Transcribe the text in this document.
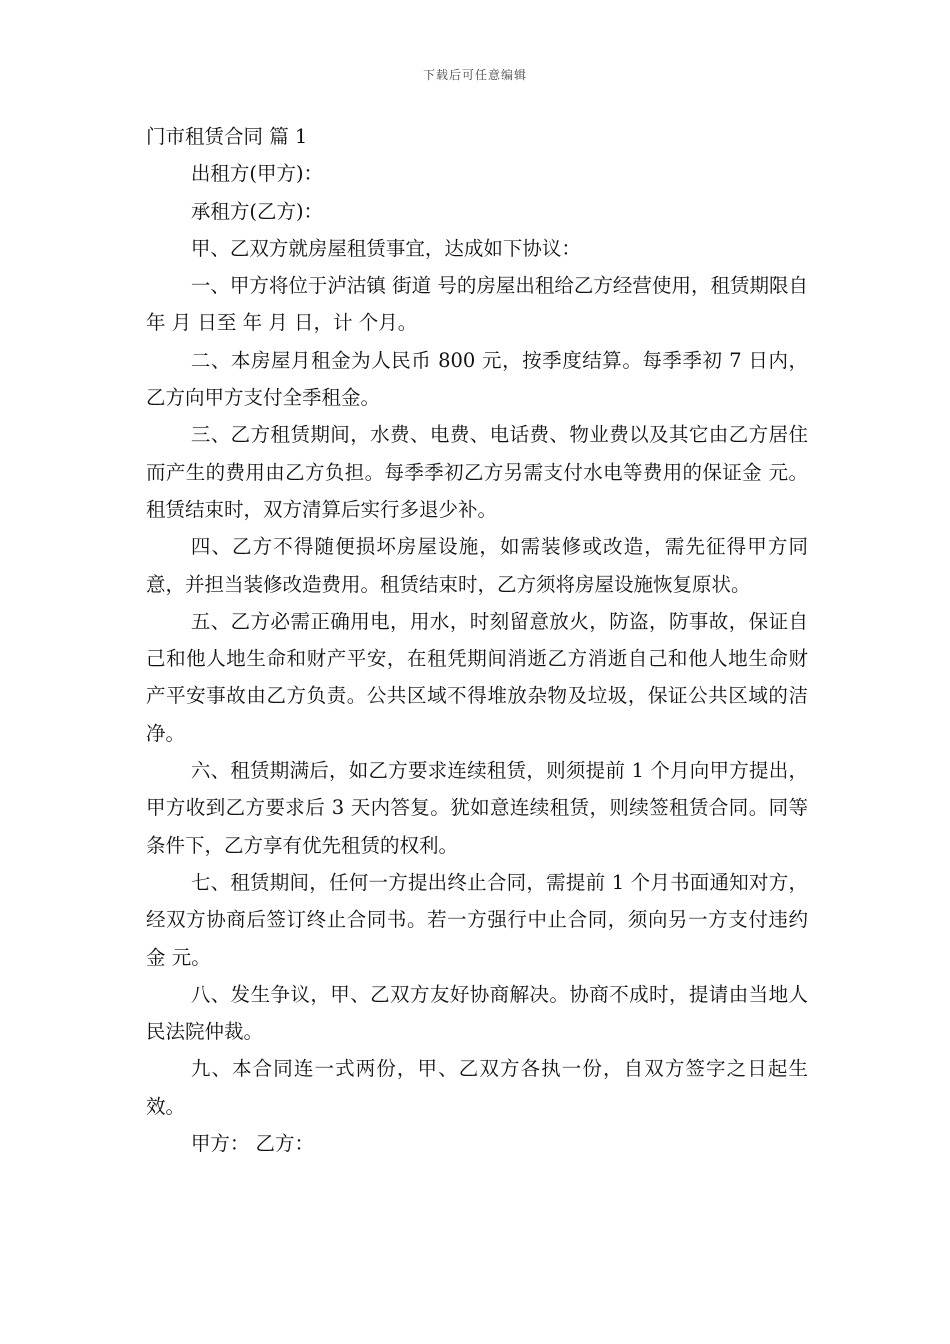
下载后可任意编辑

门市租赁合同 篇 1

出租方(甲方)：

承租方(乙方)：

甲、乙双方就房屋租赁事宜，达成如下协议：

一、甲方将位于泸沽镇 街道 号的房屋出租给乙方经营使用，租赁期限自 年 月 日至 年 月 日，计 个月。

二、本房屋月租金为人民币 800 元，按季度结算。每季季初 7 日内，乙方向甲方支付全季租金。

三、乙方租赁期间，水费、电费、电话费、物业费以及其它由乙方居住而产生的费用由乙方负担。每季季初乙方另需支付水电等费用的保证金 元。租赁结束时，双方清算后实行多退少补。

四、乙方不得随便损坏房屋设施，如需装修或改造，需先征得甲方同意，并担当装修改造费用。租赁结束时，乙方须将房屋设施恢复原状。

五、乙方必需正确用电，用水，时刻留意放火，防盗，防事故，保证自己和他人地生命和财产平安，在租凭期间消逝乙方消逝自己和他人地生命财产平安事故由乙方负责。公共区域不得堆放杂物及垃圾，保证公共区域的洁净。

六、租赁期满后，如乙方要求连续租赁，则须提前 1 个月向甲方提出，甲方收到乙方要求后 3 天内答复。犹如意连续租赁，则续签租赁合同。同等条件下，乙方享有优先租赁的权利。

七、租赁期间，任何一方提出终止合同，需提前 1 个月书面通知对方，经双方协商后签订终止合同书。若一方强行中止合同，须向另一方支付违约金 元。

八、发生争议，甲、乙双方友好协商解决。协商不成时，提请由当地人民法院仲裁。

九、本合同连一式两份，甲、乙双方各执一份，自双方签字之日起生效。

甲方： 乙方：
